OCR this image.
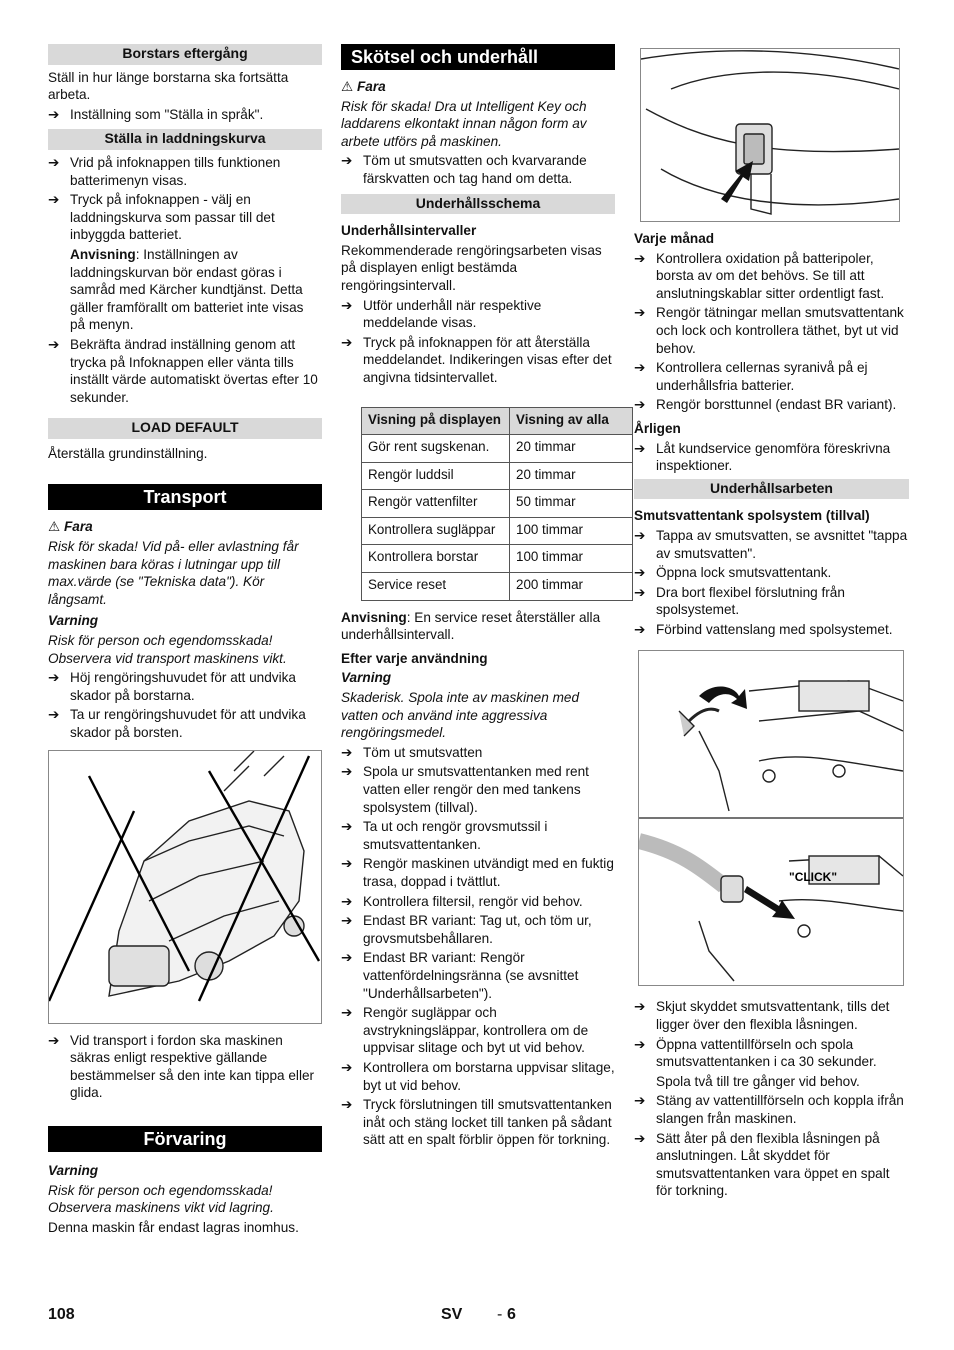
Borstars eftergång

Ställ in hur länge borstarna ska fortsätta arbeta.

➔ Inställning som "Ställa in språk".
Ställa in laddningskurva
➔ Vrid på infoknappen tills funktionen batterimenyn visas.
➔ Tryck på infoknappen - välj en laddningskurva som passar till det inbyggda batteriet.
Anvisning: Inställningen av laddningskurvan bör endast göras i samråd med Kärcher kundtjänst. Detta gäller framförallt om batteriet inte visas på menyn.
➔ Bekräfta ändrad inställning genom att trycka på Infoknappen eller vänta tills inställt värde automatiskt övertas efter 10 sekunder.
LOAD DEFAULT

Återställa grundinställning.

Transport

⚠ Fara

Risk för skada! Vid på- eller avlastning får maskinen bara köras i lutningar upp till max.värde (se "Tekniska data"). Kör långsamt.

Varning

Risk för person och egendomsskada! Observera vid transport maskinens vikt.

➔ Höj rengöringshuvudet för att undvika skador på borstarna.
➔ Ta ur rengöringshuvudet för att undvika skador på borsten.
➔ Vid transport i fordon ska maskinen säkras enligt respektive gällande bestämmelser så den inte kan tippa eller glida.
Förvaring

Varning

Risk för person och egendomsskada! Observera maskinens vikt vid lagring.

Denna maskin får endast lagras inomhus.

Skötsel och underhåll

⚠ Fara

Risk för skada! Dra ut Intelligent Key och laddarens elkontakt innan någon form av arbete utförs på maskinen.

➔ Töm ut smutsvatten och kvarvarande färskvatten och tag hand om detta.
Underhållsschema

Underhållsintervaller

Rekommenderade rengöringsarbeten visas på displayen enligt bestämda rengöringsintervall.

➔ Utför underhåll när respektive meddelande visas.
➔ Tryck på infoknappen för att återställa meddelandet. Indikeringen visas efter det angivna tidsintervallet.
Visning på displayen	Visning av alla
Gör rent sugskenan.	20 timmar
Rengör luddsil	20 timmar
Rengör vattenfilter	50 timmar
Kontrollera sugläppar	100 timmar
Kontrollera borstar	100 timmar
Service reset	200 timmar

Anvisning: En service reset återställer alla underhållsintervall.

Efter varje användning

Varning

Skaderisk. Spola inte av maskinen med vatten och använd inte aggressiva rengöringsmedel.

➔ Töm ut smutsvatten
➔ Spola ur smutsvattentanken med rent vatten eller rengör den med tankens spolsystem (tillval).
➔ Ta ut och rengör grovsmutssil i smutsvattentanken.
➔ Rengör maskinen utvändigt med en fuktig trasa, doppad i tvättlut.
➔ Kontrollera filtersil, rengör vid behov.
➔ Endast BR variant: Tag ut, och töm ur, grovsmutsbehållaren.
➔ Endast BR variant: Rengör vattenfördelningsränna (se avsnittet "Underhållsarbeten").
➔ Rengör sugläppar och avstrykningsläppar, kontrollera om de uppvisar slitage och byt ut vid behov.
➔ Kontrollera om borstarna uppvisar slitage, byt ut vid behov.
➔ Tryck förslutningen till smutsvattentanken inåt och stäng locket till tanken på sådant sätt att en spalt förblir öppen för torkning.

Varje månad

➔ Kontrollera oxidation på batteripoler, borsta av om det behövs. Se till att anslutningskablar sitter ordentligt fast.
➔ Rengör tätningar mellan smutsvattentank och lock och kontrollera täthet, byt ut vid behov.
➔ Kontrollera cellernas syranivå på ej underhållsfria batterier.
➔ Rengör borsttunnel (endast BR variant).

Årligen

➔ Låt kundservice genomföra föreskrivna inspektioner.
Underhållsarbeten

Smutsvattentank spolsystem (tillval)

➔ Tappa av smutsvatten, se avsnittet "tappa av smutsvatten".
➔ Öppna lock smutsvattentank.
➔ Dra bort flexibel förslutning från spolsystemet.
➔ Förbind vattenslang med spolsystemet.
"CLICK"
➔ Skjut skyddet smutsvattentank, tills det ligger över den flexibla låsningen.
➔ Öppna vattentillförseln och spola smutsvattentanken i ca 30 sekunder.
Spola två till tre gånger vid behov.
➔ Stäng av vattentillförseln och koppla ifrån slangen från maskinen.
➔ Sätt åter på den flexibla låsningen på anslutningen. Låt skyddet för smutsvattentanken vara öppet en spalt för torkning.
108	SV - 6
